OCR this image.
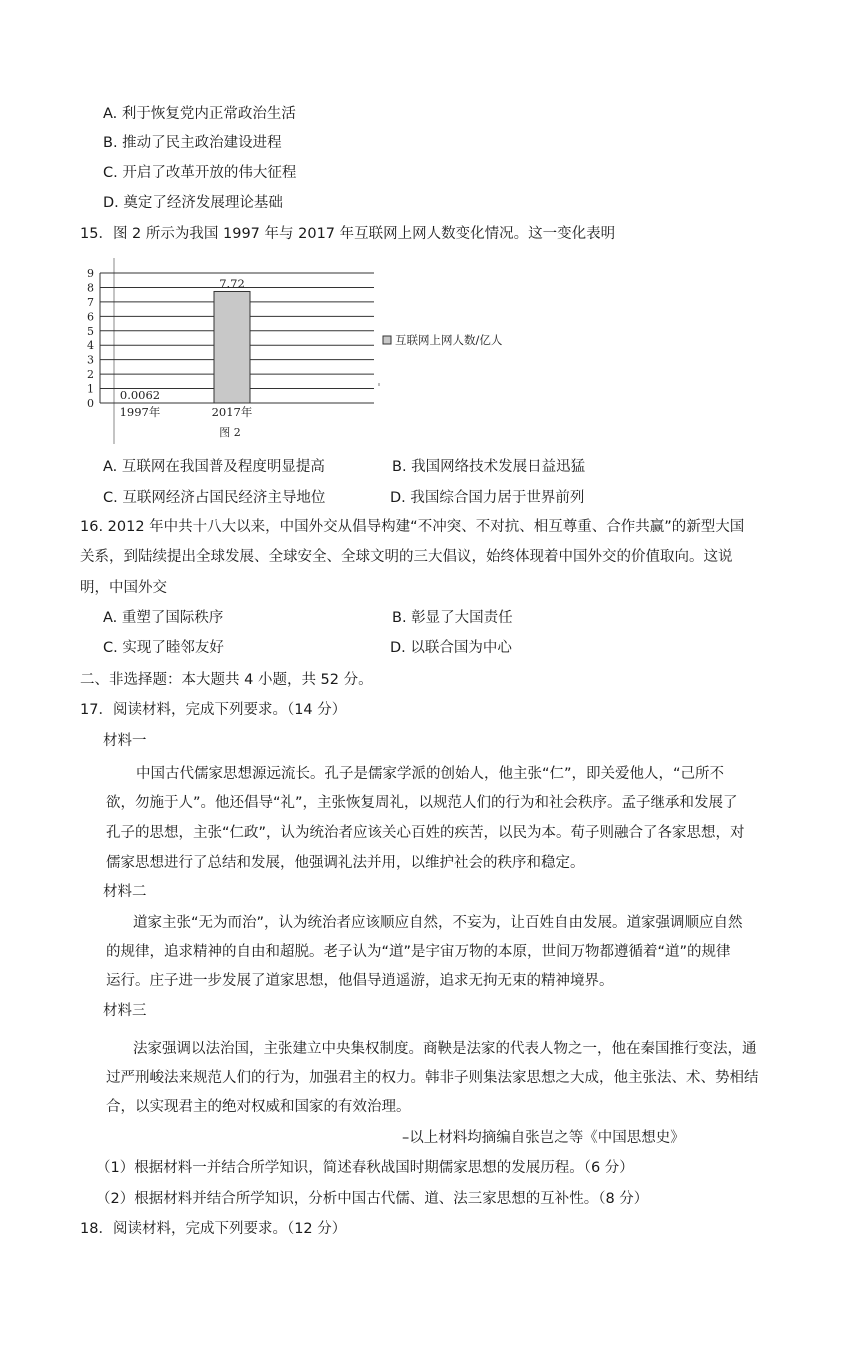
A. 利于恢复党内正常政治生活
B. 推动了民主政治建设进程
C. 开启了改革开放的伟大征程
D. 奠定了经济发展理论基础
15．图 2 所示为我国 1997 年与 2017 年互联网上网人数变化情况。这一变化表明
0
1
2
3
4
5
6
7
8
9
0.0062
1997年
7.72
2017年
互联网上网人数/亿人
图 2
A. 互联网在我国普及程度明显提高	B. 我国网络技术发展日益迅猛
C. 互联网经济占国民经济主导地位	D. 我国综合国力居于世界前列
16. 2012 年中共十八大以来，中国外交从倡导构建“不冲突、不对抗、相互尊重、合作共赢”的新型大国
关系，到陆续提出全球发展、全球安全、全球文明的三大倡议，始终体现着中国外交的价值取向。这说
明，中国外交
A. 重塑了国际秩序	B. 彰显了大国责任
C. 实现了睦邻友好	D. 以联合国为中心
二、非选择题：本大题共 4 小题，共 52 分。
17．阅读材料，完成下列要求。（14 分）
材料一
中国古代儒家思想源远流长。孔子是儒家学派的创始人，他主张“仁”，即关爱他人，“己所不
欲，勿施于人”。他还倡导“礼”，主张恢复周礼，以规范人们的行为和社会秩序。孟子继承和发展了
孔子的思想，主张“仁政”，认为统治者应该关心百姓的疾苦，以民为本。荀子则融合了各家思想，对
儒家思想进行了总结和发展，他强调礼法并用，以维护社会的秩序和稳定。
材料二
道家主张“无为而治”，认为统治者应该顺应自然，不妄为，让百姓自由发展。道家强调顺应自然
的规律，追求精神的自由和超脱。老子认为“道”是宇宙万物的本原，世间万物都遵循着“道”的规律
运行。庄子进一步发展了道家思想，他倡导逍遥游，追求无拘无束的精神境界。
材料三
法家强调以法治国，主张建立中央集权制度。商鞅是法家的代表人物之一，他在秦国推行变法，通
过严刑峻法来规范人们的行为，加强君主的权力。韩非子则集法家思想之大成，他主张法、术、势相结
合，以实现君主的绝对权威和国家的有效治理。
–以上材料均摘编自张岂之等《中国思想史》
（1）根据材料一并结合所学知识，简述春秋战国时期儒家思想的发展历程。（6 分）
（2）根据材料并结合所学知识，分析中国古代儒、道、法三家思想的互补性。（8 分）
18．阅读材料，完成下列要求。（12 分）
